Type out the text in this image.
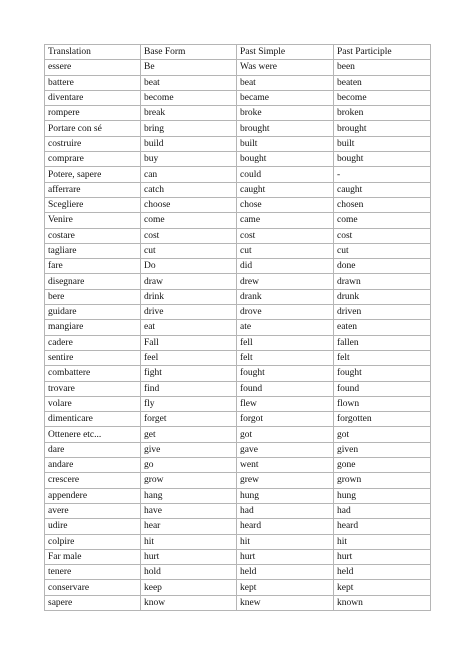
Translation	Base Form	Past Simple	Past Participle
essere	Be	Was were	been
battere	beat	beat	beaten
diventare	become	became	become
rompere	break	broke	broken
Portare con sé	bring	brought	brought
costruire	build	built	built
comprare	buy	bought	bought
Potere, sapere	can	could	-
afferrare	catch	caught	caught
Scegliere	choose	chose	chosen
Venire	come	came	come
costare	cost	cost	cost
tagliare	cut	cut	cut
fare	Do	did	done
disegnare	draw	drew	drawn
bere	drink	drank	drunk
guidare	drive	drove	driven
mangiare	eat	ate	eaten
cadere	Fall	fell	fallen
sentire	feel	felt	felt
combattere	fight	fought	fought
trovare	find	found	found
volare	fly	flew	flown
dimenticare	forget	forgot	forgotten
Ottenere etc...	get	got	got
dare	give	gave	given
andare	go	went	gone
crescere	grow	grew	grown
appendere	hang	hung	hung
avere	have	had	had
udire	hear	heard	heard
colpire	hit	hit	hit
Far male	hurt	hurt	hurt
tenere	hold	held	held
conservare	keep	kept	kept
sapere	know	knew	known
